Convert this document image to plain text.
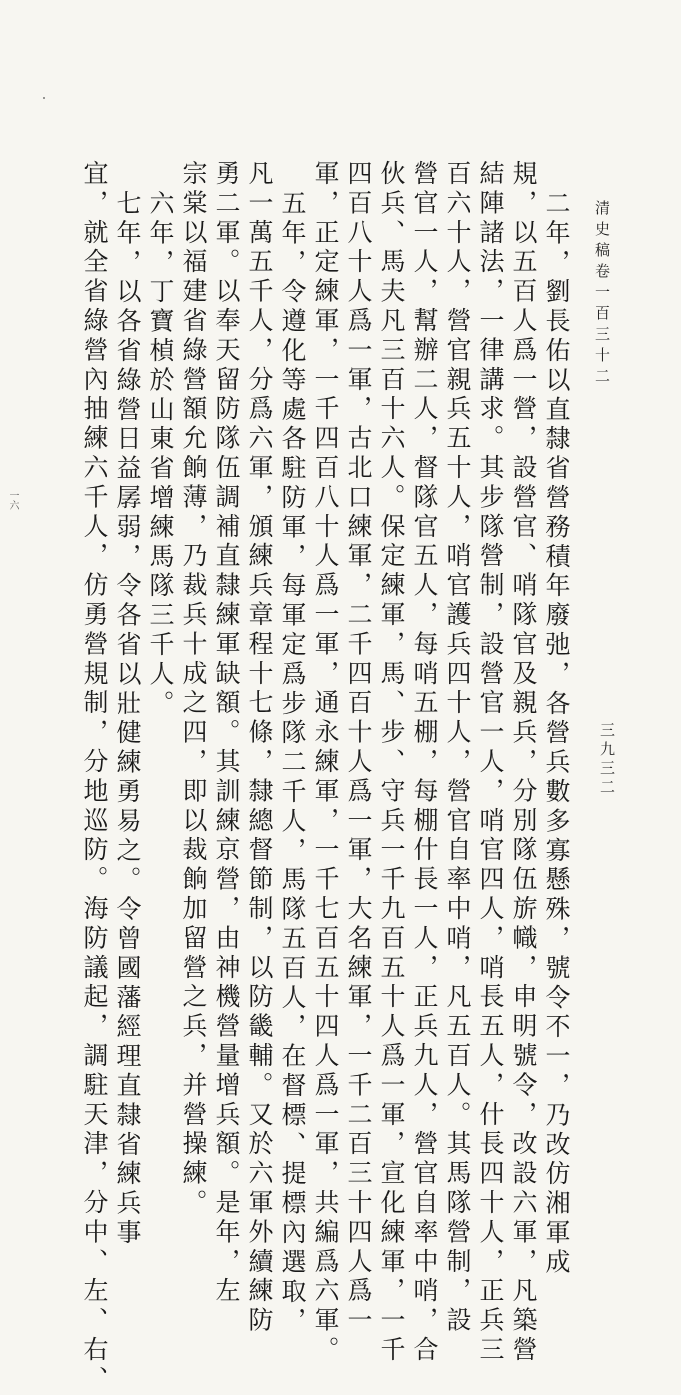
清史稿卷一百三十二
三九三二
一六	二年，劉長佑以直隸省營務積年廢弛，各營兵數多寡懸殊，號令不一，乃改仿湘軍成
規，以五百人爲一營，設營官、哨隊官及親兵，分別隊伍旂幟，申明號令，改設六軍，凡築營
結陣諸法，一律講求。其步隊營制，設營官一人，哨官四人，哨長五人，什長四十人，正兵三
百六十人，營官親兵五十人，哨官護兵四十人，營官自率中哨，凡五百人。其馬隊營制，設
營官一人，幫辦二人，督隊官五人，每哨五棚，每棚什長一人，正兵九人，營官自率中哨，合
伙兵、馬夫凡三百十六人。保定練軍，馬、步、守兵一千九百五十人爲一軍，宣化練軍，一千
四百八十人爲一軍，古北口練軍，二千四百十人爲一軍，大名練軍，一千二百三十四人爲一
軍，正定練軍，一千四百八十人爲一軍，通永練軍，一千七百五十四人爲一軍，共編爲六軍。
五年，令遵化等處各駐防軍，每軍定爲步隊二千人，馬隊五百人，在督標、提標內選取，
凡一萬五千人，分爲六軍，頒練兵章程十七條，隸總督節制，以防畿輔。又於六軍外續練防
勇二軍。以奉天留防隊伍調補直隸練軍缺額。其訓練京營，由神機營量增兵額。是年，左
宗棠以福建省綠營額允餉薄，乃裁兵十成之四，即以裁餉加留營之兵，并營操練。
六年，丁寶楨於山東省增練馬隊三千人。
七年，以各省綠營日益孱弱，令各省以壯健練勇易之。令曾國藩經理直隸省練兵事
宜，就全省綠營內抽練六千人，仿勇營規制，分地巡防。海防議起，調駐天津，分中、左、右、
